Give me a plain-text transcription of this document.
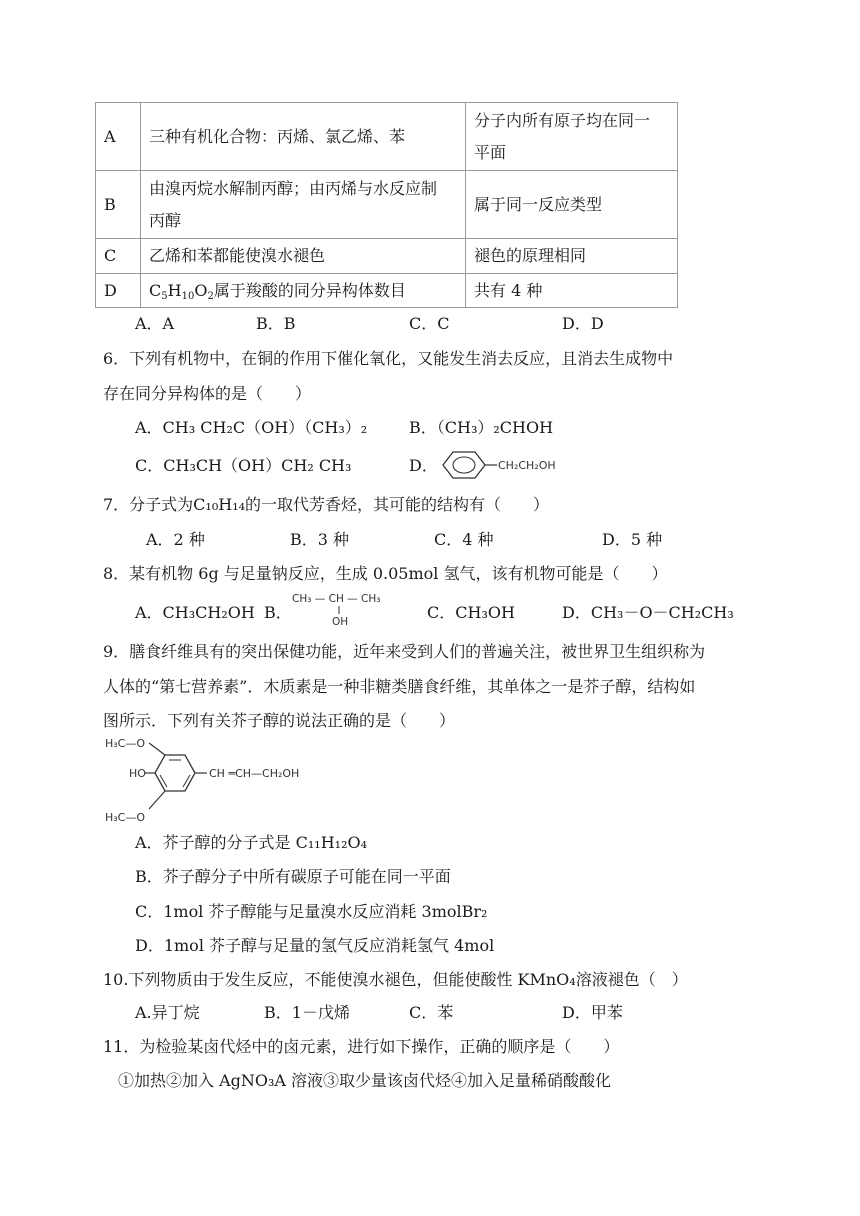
A	三种有机化合物：丙烯、氯乙烯、苯	分子内所有原子均在同一
平面

B	由溴丙烷水解制丙醇；由丙烯与水反应制
丙醇	属于同一反应类型
C	乙烯和苯都能使溴水褪色	褪色的原理相同
D	$C_5H_{10}O_2$属于羧酸的同分异构体数目	共有 4 种
A．A	B．B	C．C	D．D
6．下列有机物中，在铜的作用下催化氧化，又能发生消去反应，且消去生成物中
存在同分异构体的是（　　）
A．CH₃ CH₂C（OH）（CH₃）₂	B．（CH₃）₂CHOH
C．CH₃CH（OH）CH₂ CH₃	D．	CH₂CH₂OH
7．分子式为C₁₀H₁₄的一取代芳香烃，其可能的结构有（　　）
A．2 种	B．3 种	C．4 种	D．5 种
8．某有机物 6g 与足量钠反应，生成 0.05mol 氢气，该有机物可能是（　　）
A．CH₃CH₂OH B．
CH₃ — CH — CH₃
OH	C．CH₃OH	D．CH₃－O－CH₂CH₃
9．膳食纤维具有的突出保健功能，近年来受到人们的普遍关注，被世界卫生组织称为
人体的“第七营养素”．木质素是一种非糖类膳食纤维，其单体之一是芥子醇，结构如
图所示．下列有关芥子醇的说法正确的是（　　）
H₃C—O
HO	CH ═CH—CH₂OH
H₃C—O
A．芥子醇的分子式是 C₁₁H₁₂O₄
B．芥子醇分子中所有碳原子可能在同一平面
C．1mol 芥子醇能与足量溴水反应消耗 3molBr₂
D．1mol 芥子醇与足量的氢气反应消耗氢气 4mol
10.下列物质由于发生反应，不能使溴水褪色，但能使酸性 KMnO₄溶液褪色（　）
A.异丁烷	B．1－戊烯	C．苯	D．甲苯
11．为检验某卤代烃中的卤元素，进行如下操作，正确的顺序是（　　）
①加热②加入 AgNO₃A 溶液③取少量该卤代烃④加入足量稀硝酸酸化
